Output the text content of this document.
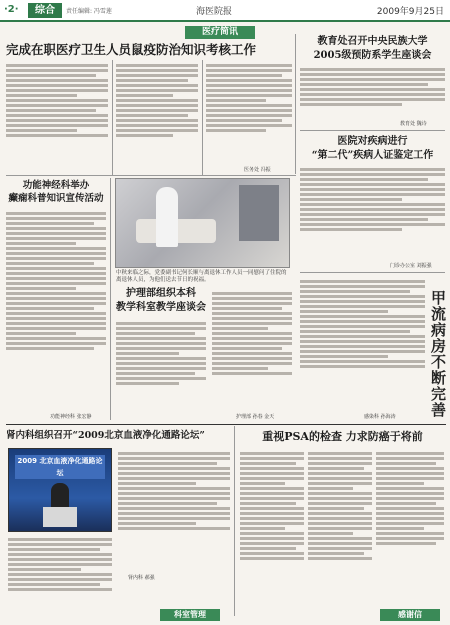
·2·	综合	责任编辑: 冯雪莲	海医院报	2009年9月25日
医疗简讯
完成在职医疗卫生人员鼠疫防治知识考核工作
教育处召开中央民族大学
2005级预防系学生座谈会
医务处 冯振
教育处 魏诗
功能神经科举办
癫痫科普知识宣传活动
功能神经科 张宏静
中秋来临之际，党委副书记何长顺与离退休工作人员一同慰问了住院的离退休人员，为他们送去节日的祝福。
医院对疾病进行
“第二代”疾病人证鉴定工作
门诊办公室 刘振强
护理部组织本科
教学科室教学座谈会
护理部 孙春 金天	感染科 孙海涛 甲流病房不断完善
肾内科组织召开“2009北京血液净化通路论坛”	重视PSA的检查 力求防癌于将前
2009 北京血液净化通路论坛
肾内科 郝强
科室管理	感谢信
